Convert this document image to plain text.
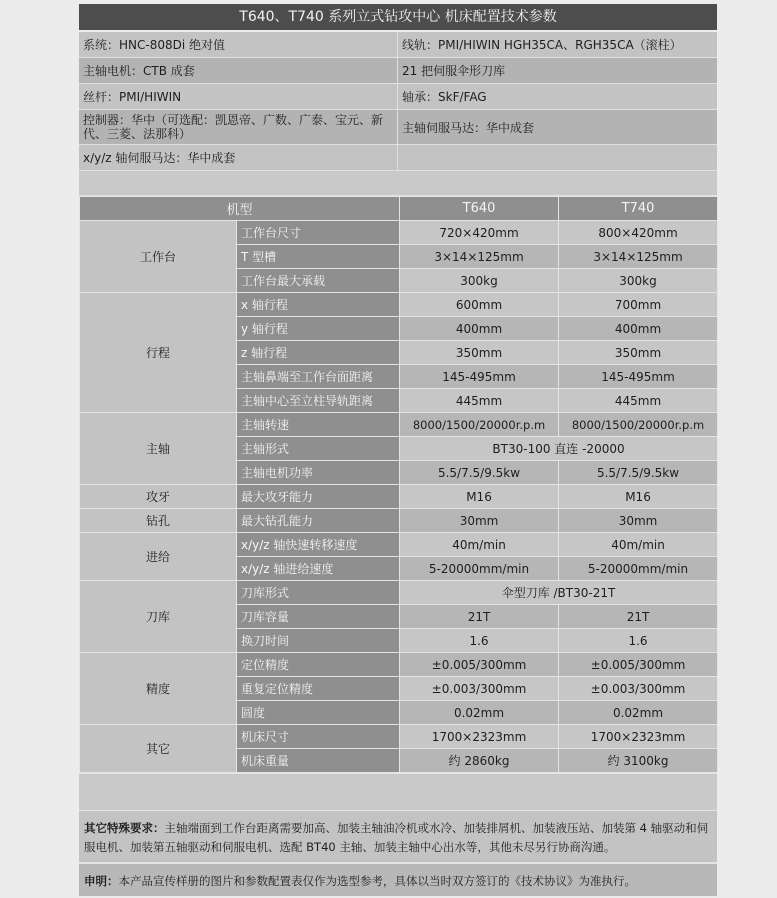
T640、T740 系列立式钻攻中心 机床配置技术参数
系统：HNC-808Di 绝对值	线轨：PMI/HIWIN HGH35CA、RGH35CA（滚柱）
主轴电机：CTB 成套	21 把伺服伞形刀库
丝杆：PMI/HIWIN	轴承：SkF/FAG
控制器：华中（可选配：凯恩帝、广数、广泰、宝元、新代、三菱、法那科）	主轴伺服马达：华中成套
x/y/z 轴伺服马达：华中成套
机型		T640	T740
工作台	工作台尺寸	720×420mm	800×420mm
	T 型槽	3×14×125mm	3×14×125mm
	工作台最大承载	300kg	300kg
行程	x 轴行程	600mm	700mm
	y 轴行程	400mm	400mm
	z 轴行程	350mm	350mm
	主轴鼻端至工作台面距离	145-495mm	145-495mm
	主轴中心至立柱导轨距离	445mm	445mm
主轴	主轴转速	8000/1500/20000r.p.m	8000/1500/20000r.p.m
	主轴形式	BT30-100 直连 -20000	
	主轴电机功率	5.5/7.5/9.5kw	5.5/7.5/9.5kw
攻牙	最大攻牙能力	M16	M16
钻孔	最大钻孔能力	30mm	30mm
进给	x/y/z 轴快速转移速度	40m/min	40m/min
	x/y/z 轴进给速度	5-20000mm/min	5-20000mm/min
刀库	刀库形式	伞型刀库 /BT30-21T	
	刀库容量	21T	21T
	换刀时间	1.6	1.6
精度	定位精度	±0.005/300mm	±0.005/300mm
	重复定位精度	±0.003/300mm	±0.003/300mm
	圆度	0.02mm	0.02mm
其它	机床尺寸	1700×2323mm	1700×2323mm
	机床重量	约 2860kg	约 3100kg
其它特殊要求：主轴端面到工作台距离需要加高、加装主轴油冷机或水冷、加装排屑机、加装液压站、加装第 4 轴驱动和伺服电机、加装第五轴驱动和伺服电机、选配 BT40 主轴、加装主轴中心出水等，其他未尽另行协商沟通。
申明：本产品宣传样册的图片和参数配置表仅作为选型参考，具体以当时双方签订的《技术协议》为准执行。
